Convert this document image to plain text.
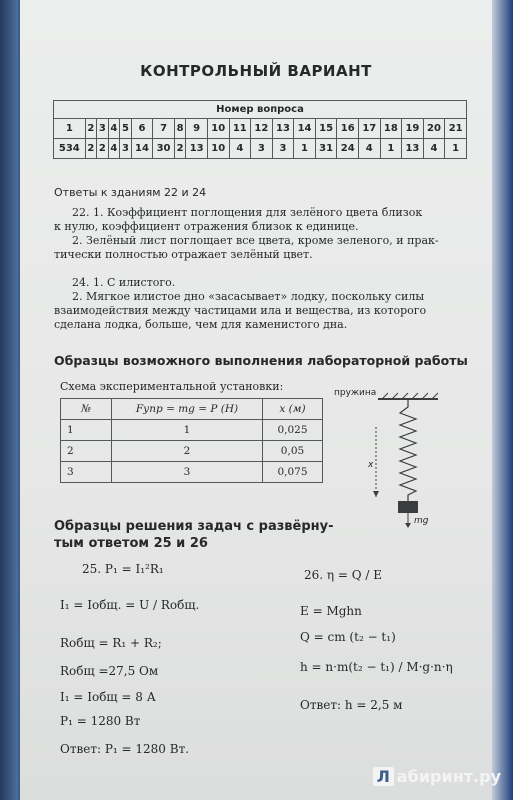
КОНТРОЛЬНЫЙ ВАРИАНТ
Номер вопроса																				
1	2	3	4	5	6	7	8	9	10	11	12	13	14	15	16	17	18	19	20	21
534	2	2	4	3	14	30	2	13	10	4	3	3	1	31	24	4	1	13	4	1
Ответы к зданиям 22 и 24
22. 1. Коэффициент поглощения для зелёного цвета близок
к нулю, коэффициент отражения близок к единице.
2. Зелёный лист поглощает все цвета, кроме зеленого, и прак-
тически полностью отражает зелёный цвет.
24. 1. С илистого.
2. Мягкое илистое дно «засасывает» лодку, поскольку силы
взаимодействия между частицами ила и вещества, из которого
сделана лодка, больше, чем для каменистого дна.
Образцы возможного выполнения лабораторной работы
Схема экспериментальной установки:
№	Fупр = mg = P (Н)	x (м)
1	1	0,025
2	2	0,05
3	3	0,075
пружина
x
mg
Образцы решения задач с развёрну-
тым ответом 25 и 26
25. P₁ = I₁²R₁
I₁ = Iобщ. = U / Rобщ.
Rобщ = R₁ + R₂;
Rобщ =27,5 Ом
I₁ = Iобщ = 8 А
P₁ = 1280 Вт
Ответ: P₁ = 1280 Вт.
26. η = Q / E
E = Mghn
Q = cm (t₂ − t₁)
h = n·m(t₂ − t₁) / M·g·n·η
Ответ: h = 2,5 м
Л абиринт.ру
